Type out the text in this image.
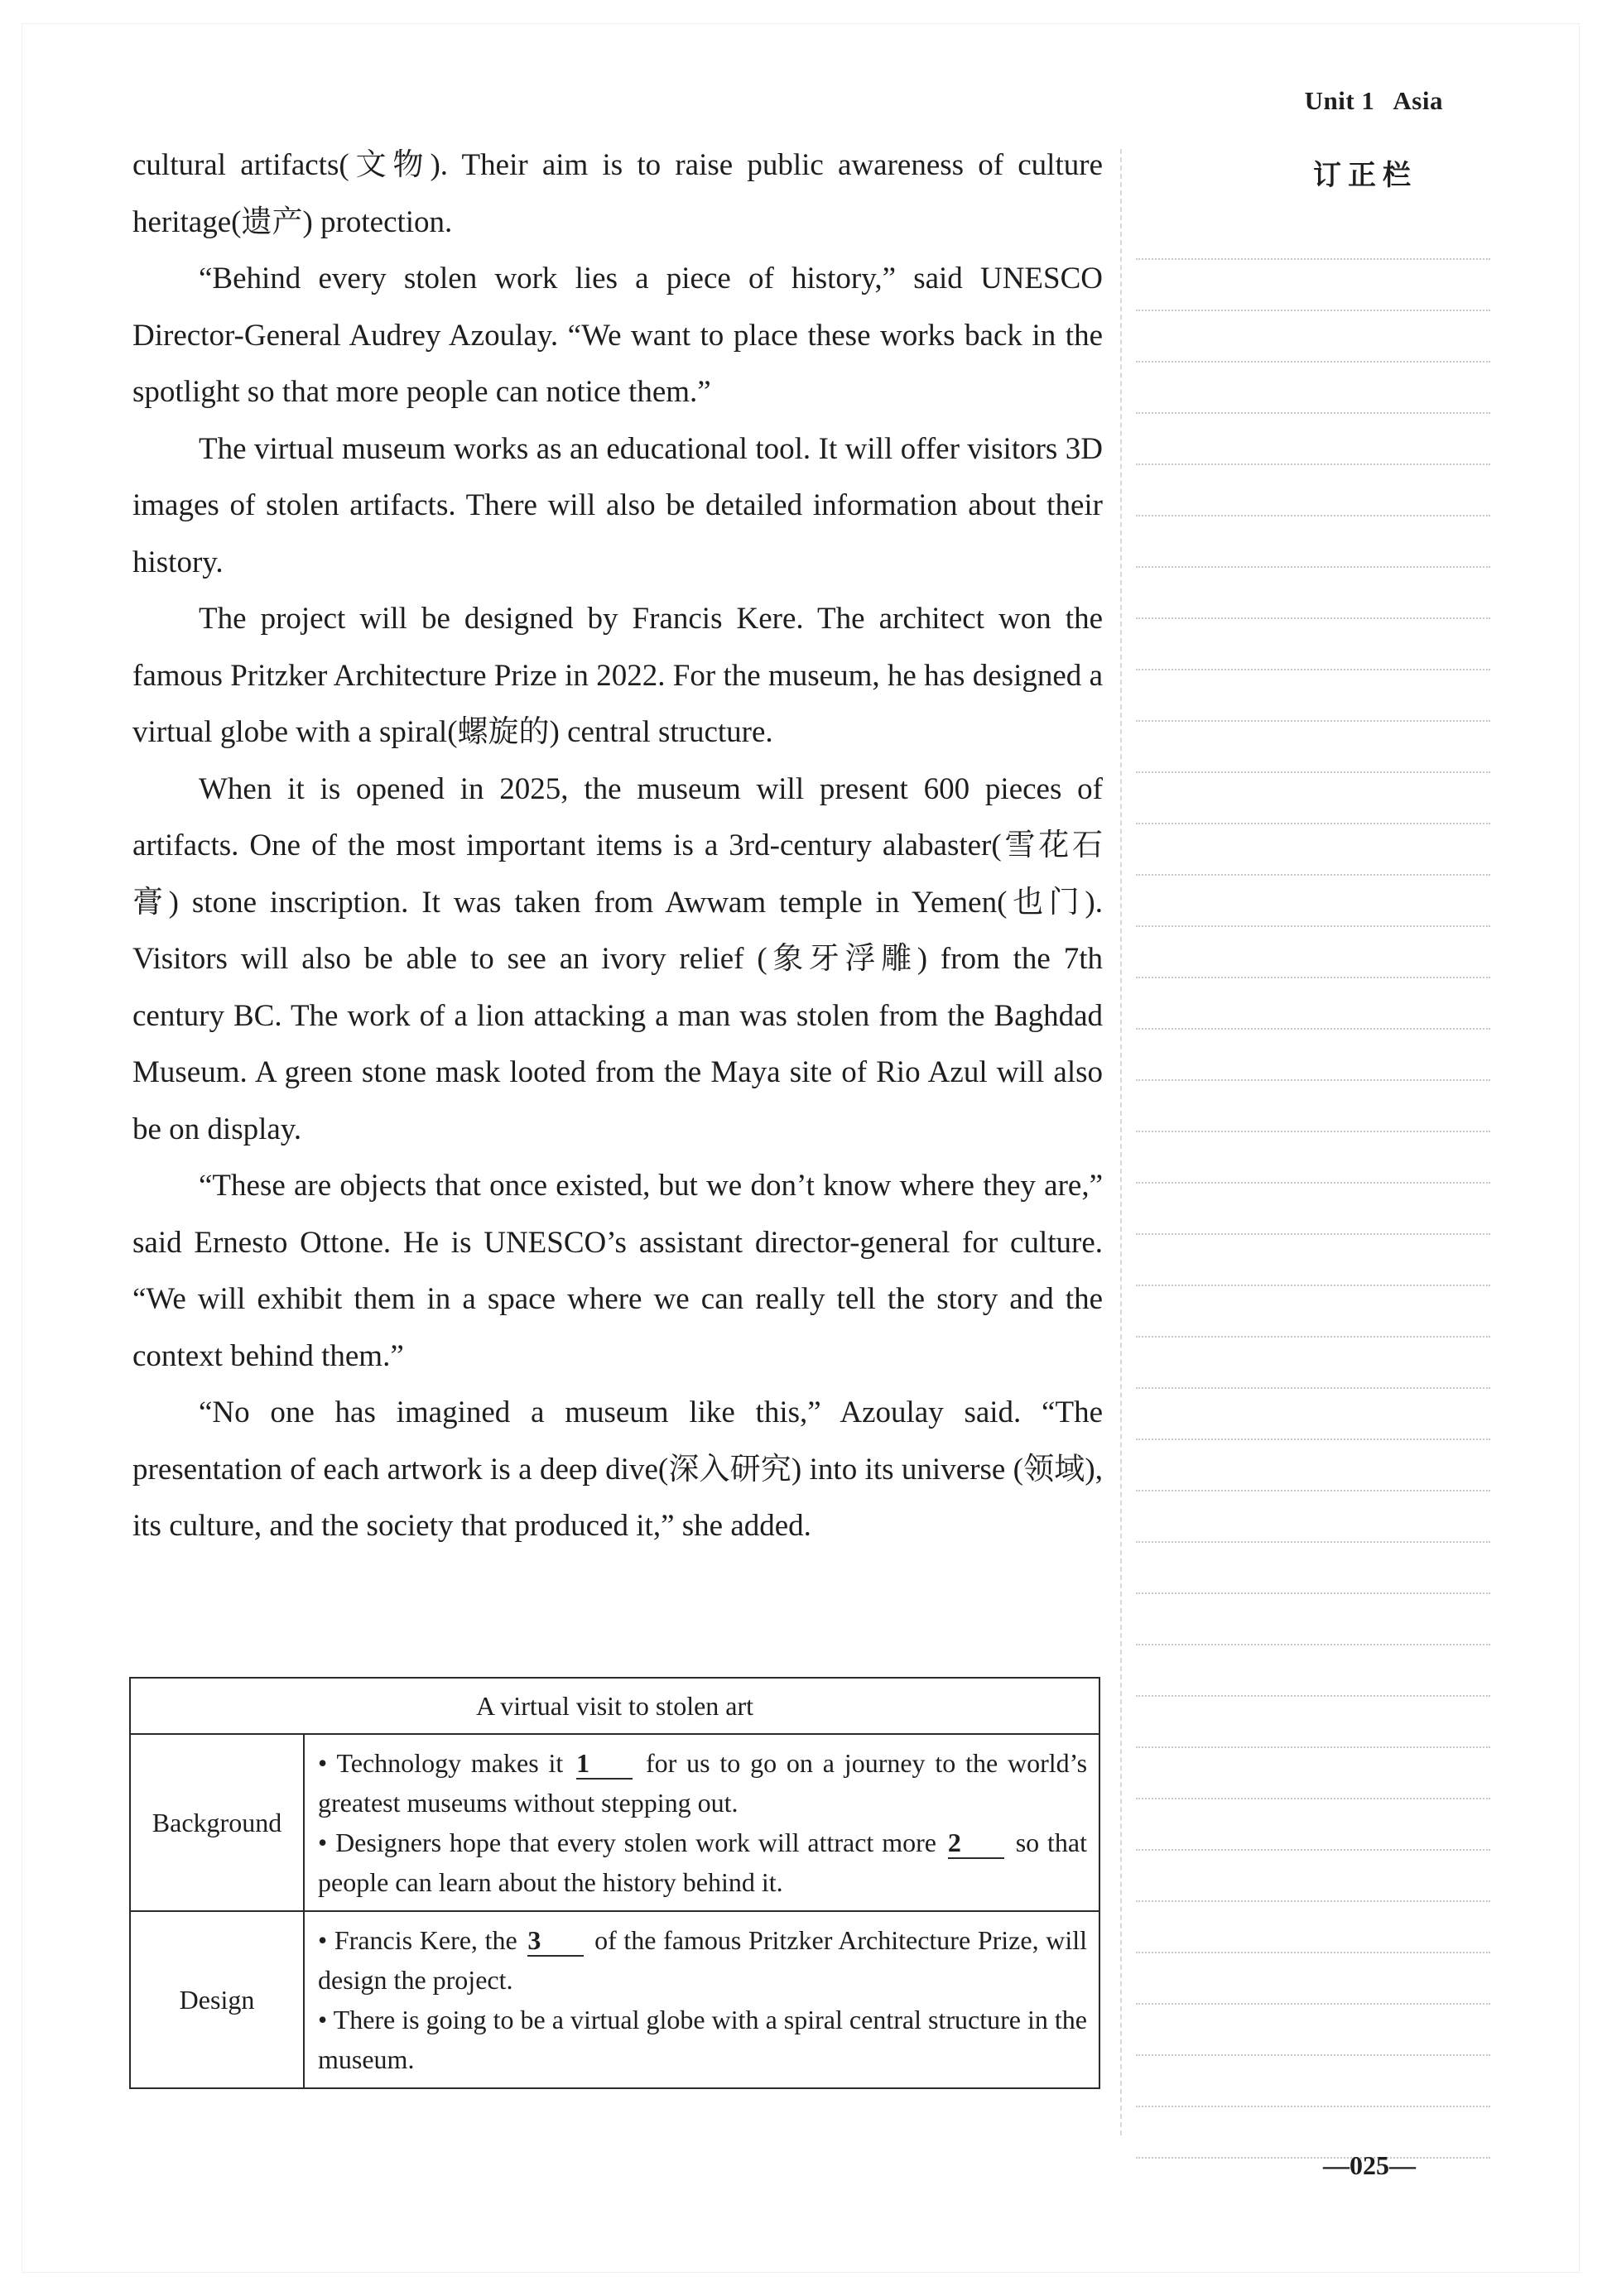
Unit 1 Asia

cultural artifacts(文物). Their aim is to raise public awareness of culture heritage(遗产) protection.

“Behind every stolen work lies a piece of history,” said UNESCO Director-General Audrey Azoulay. “We want to place these works back in the spotlight so that more people can notice them.”

The virtual museum works as an educational tool. It will offer visitors 3D images of stolen artifacts. There will also be detailed information about their history.

The project will be designed by Francis Kere. The architect won the famous Pritzker Architecture Prize in 2022. For the museum, he has designed a virtual globe with a spiral(螺旋的) central structure.

When it is opened in 2025, the museum will present 600 pieces of artifacts. One of the most important items is a 3rd-century alabaster(雪花石膏) stone inscription. It was taken from Awwam temple in Yemen(也门). Visitors will also be able to see an ivory relief (象牙浮雕) from the 7th century BC. The work of a lion attacking a man was stolen from the Baghdad Museum. A green stone mask looted from the Maya site of Rio Azul will also be on display.

“These are objects that once existed, but we don’t know where they are,” said Ernesto Ottone. He is UNESCO’s assistant director-general for culture. “We will exhibit them in a space where we can really tell the story and the context behind them.”

“No one has imagined a museum like this,” Azoulay said. “The presentation of each artwork is a deep dive(深入研究) into its universe (领域), its culture, and the society that produced it,” she added.

订正栏
A virtual visit to stolen art	
Background	• Technology makes it 1 for us to go on a journey to the world’s greatest museums without stepping out.
• Designers hope that every stolen work will attract more 2 so that people can learn about the history behind it.

Design	• Francis Kere, the 3 of the famous Pritzker Architecture Prize, will design the project.
• There is going to be a virtual globe with a spiral central structure in the museum.
—025—
